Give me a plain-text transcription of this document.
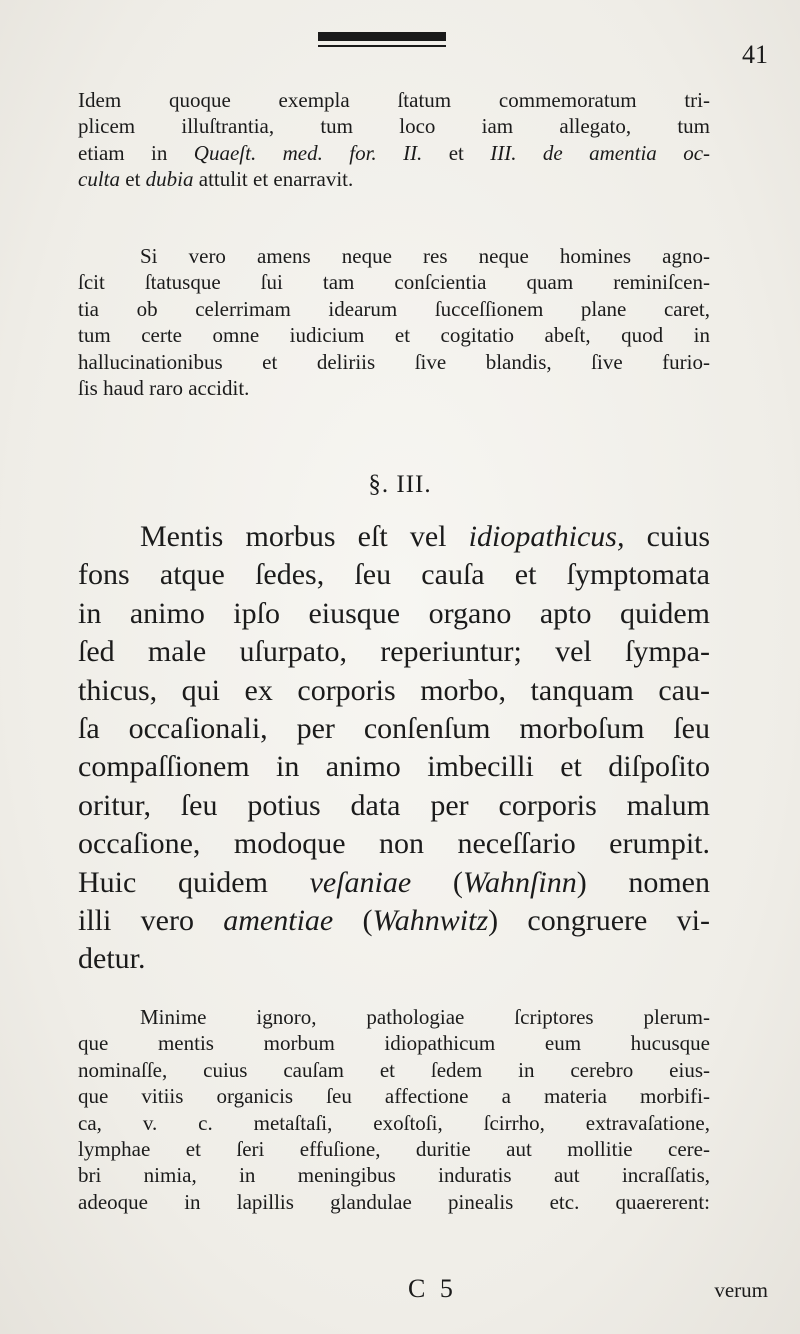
41
Idem quoque exempla ſtatum commemoratum tri-
plicem illuſtrantia, tum loco iam allegato, tum
etiam in Quaeſt. med. for. II. et III. de amentia oc-
culta et dubia attulit et enarravit.
Si vero amens neque res neque homines agno-
ſcit ſtatusque ſui tam conſcientia quam reminiſcen-
tia ob celerrimam idearum ſucceſſionem plane caret,
tum certe omne iudicium et cogitatio abeſt, quod in
hallucinationibus et deliriis ſive blandis, ſive furio-
ſis haud raro accidit.
§. III.
Mentis morbus eſt vel idiopathicus, cuius
fons atque ſedes, ſeu cauſa et ſymptomata
in animo ipſo eiusque organo apto quidem
ſed male uſurpato, reperiuntur; vel ſympa-
thicus, qui ex corporis morbo, tanquam cau-
ſa occaſionali, per conſenſum morboſum ſeu
compaſſionem in animo imbecilli et diſpoſito
oritur, ſeu potius data per corporis malum
occaſione, modoque non neceſſario erumpit.
Huic quidem veſaniae (Wahnſinn) nomen
illi vero amentiae (Wahnwitz) congruere vi-
detur.
Minime ignoro, pathologiae ſcriptores plerum-
que mentis morbum idiopathicum eum hucusque
nominaſſe, cuius cauſam et ſedem in cerebro eius-
que vitiis organicis ſeu affectione a materia morbifi-
ca, v. c. metaſtaſi, exoſtoſi, ſcirrho, extravaſatione,
lymphae et ſeri effuſione, duritie aut mollitie cere-
bri nimia, in meningibus induratis aut incraſſatis,
adeoque in lapillis glandulae pinealis etc. quaererent:
C 5	verum
